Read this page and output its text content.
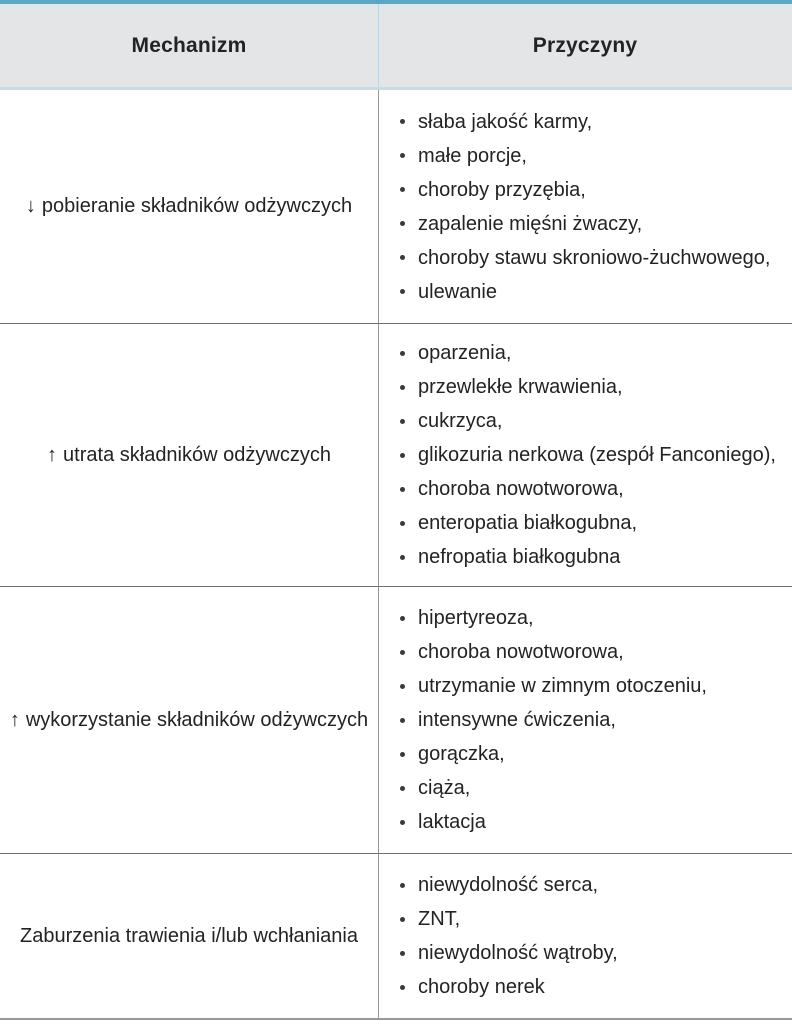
Mechanizm	Przyczyny
↓ pobieranie składników odżywczych
słaba jakość karmy,
małe porcje,
choroby przyzębia,
zapalenie mięśni żwaczy,
choroby stawu skroniowo-żuchwowego,
ulewanie
↑ utrata składników odżywczych
oparzenia,
przewlekłe krwawienia,
cukrzyca,
glikozuria nerkowa (zespół Fanconiego),
choroba nowotworowa,
enteropatia białkogubna,
nefropatia białkogubna
↑ wykorzystanie składników odżywczych
hipertyreoza,
choroba nowotworowa,
utrzymanie w zimnym otoczeniu,
intensywne ćwiczenia,
gorączka,
ciąża,
laktacja
Zaburzenia trawienia i/lub wchłaniania
niewydolność serca,
ZNT,
niewydolność wątroby,
choroby nerek
